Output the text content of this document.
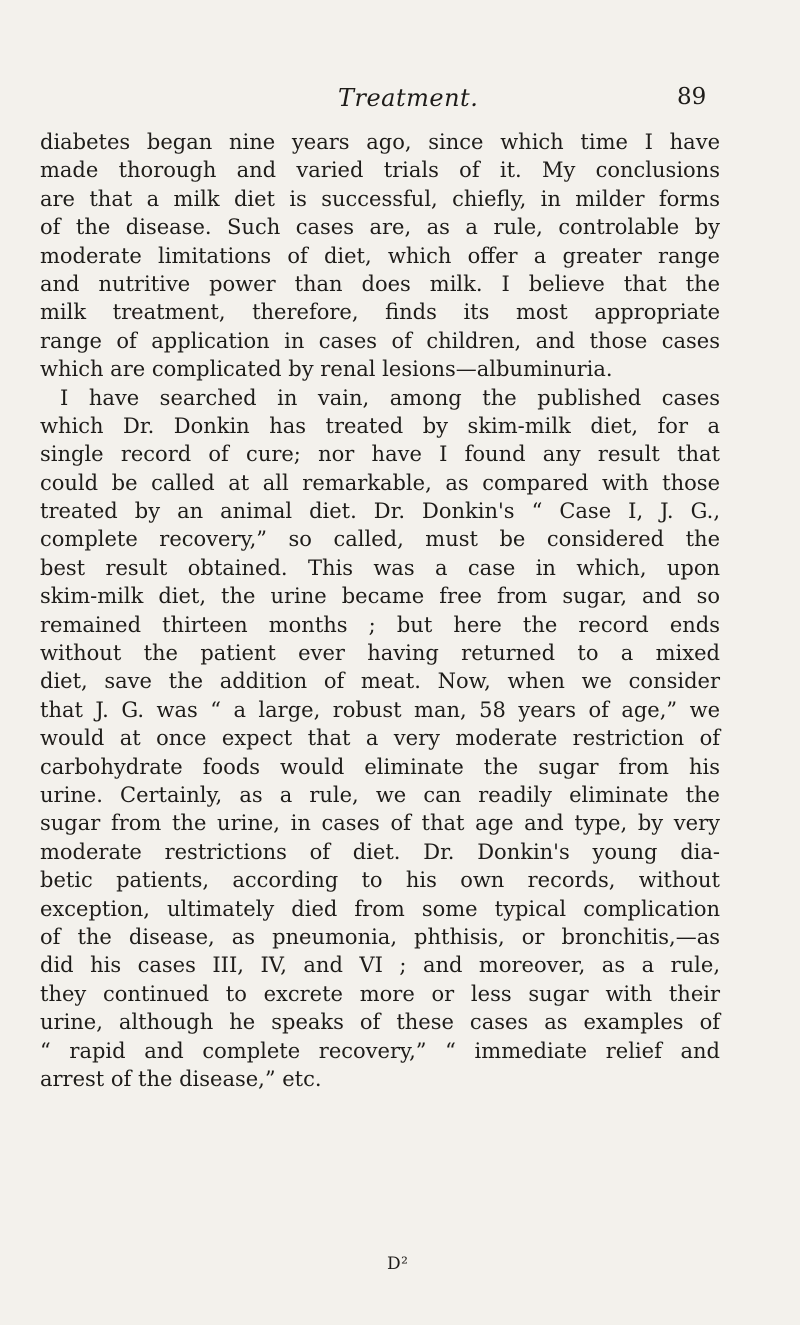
Treatment.	89
diabetes began nine years ago, since which time I have
made thorough and varied trials of it. My conclusions
are that a milk diet is successful, chiefly, in milder forms
of the disease. Such cases are, as a rule, controlable by
moderate limitations of diet, which offer a greater range
and nutritive power than does milk. I believe that the
milk treatment, therefore, finds its most appropriate
range of application in cases of children, and those cases
which are complicated by renal lesions—albuminuria.
I have searched in vain, among the published cases
which Dr. Donkin has treated by skim-milk diet, for a
single record of cure; nor have I found any result that
could be called at all remarkable, as compared with those
treated by an animal diet. Dr. Donkin's “ Case I, J. G.,
complete recovery,” so called, must be considered the
best result obtained. This was a case in which, upon
skim-milk diet, the urine became free from sugar, and so
remained thirteen months ; but here the record ends
without the patient ever having returned to a mixed
diet, save the addition of meat. Now, when we consider
that J. G. was “ a large, robust man, 58 years of age,” we
would at once expect that a very moderate restriction of
carbohydrate foods would eliminate the sugar from his
urine. Certainly, as a rule, we can readily eliminate the
sugar from the urine, in cases of that age and type, by very
moderate restrictions of diet. Dr. Donkin's young dia-
betic patients, according to his own records, without
exception, ultimately died from some typical complication
of the disease, as pneumonia, phthisis, or bronchitis,—as
did his cases III, IV, and VI ; and moreover, as a rule,
they continued to excrete more or less sugar with their
urine, although he speaks of these cases as examples of
“ rapid and complete recovery,” “ immediate relief and
arrest of the disease,” etc.
D²
